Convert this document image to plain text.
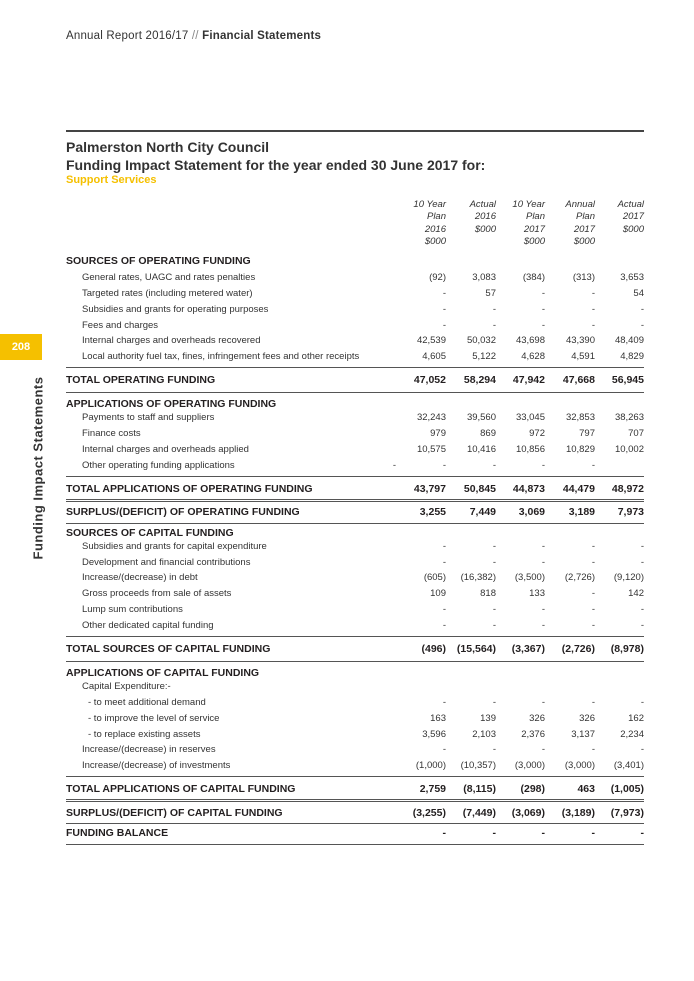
Annual Report 2016/17 // Financial Statements
208
Funding Impact Statements
Palmerston North City Council
Funding Impact Statement for the year ended 30 June 2017 for:
Support Services
10 Year
Plan
2016
$000
Actual
2016
$000
10 Year
Plan
2017
$000
Annual
Plan
2017
$000
Actual
2017
$000
SOURCES OF OPERATING FUNDING
General rates, UAGC and rates penalties	(92)	3,083	(384)	(313)	3,653
Targeted rates (including metered water)	-	57	-	-	54
Subsidies and grants for operating purposes	-	-	-	-	-
Fees and charges	-	-	-	-	-
Internal charges and overheads recovered	42,539	50,032	43,698	43,390	48,409
Local authority fuel tax, fines, infringement fees and other receipts	4,605	5,122	4,628	4,591	4,829
TOTAL OPERATING FUNDING	47,052	58,294	47,942	47,668	56,945
APPLICATIONS OF OPERATING FUNDING
Payments to staff and suppliers	32,243	39,560	33,045	32,853	38,263
Finance costs	979	869	972	797	707
Internal charges and overheads applied	10,575	10,416	10,856	10,829	10,002
Other operating funding applications	-	-	-	-	-
TOTAL APPLICATIONS OF OPERATING FUNDING	43,797	50,845	44,873	44,479	48,972
SURPLUS/(DEFICIT) OF OPERATING FUNDING	3,255	7,449	3,069	3,189	7,973
SOURCES OF CAPITAL FUNDING
Subsidies and grants for capital expenditure	-	-	-	-	-
Development and financial contributions	-	-	-	-	-
Increase/(decrease) in debt	(605)	(16,382)	(3,500)	(2,726)	(9,120)
Gross proceeds from sale of assets	109	818	133	-	142
Lump sum contributions	-	-	-	-	-
Other dedicated capital funding	-	-	-	-	-
TOTAL SOURCES OF CAPITAL FUNDING	(496)	(15,564)	(3,367)	(2,726)	(8,978)
APPLICATIONS OF CAPITAL FUNDING
Capital Expenditure:-
- to meet additional demand	-	-	-	-	-
- to improve the level of service	163	139	326	326	162
- to replace existing assets	3,596	2,103	2,376	3,137	2,234
Increase/(decrease) in reserves	-	-	-	-	-
Increase/(decrease) of investments	(1,000)	(10,357)	(3,000)	(3,000)	(3,401)
TOTAL APPLICATIONS OF CAPITAL FUNDING	2,759	(8,115)	(298)	463	(1,005)
SURPLUS/(DEFICIT) OF CAPITAL FUNDING	(3,255)	(7,449)	(3,069)	(3,189)	(7,973)
FUNDING BALANCE	-	-	-	-	-
